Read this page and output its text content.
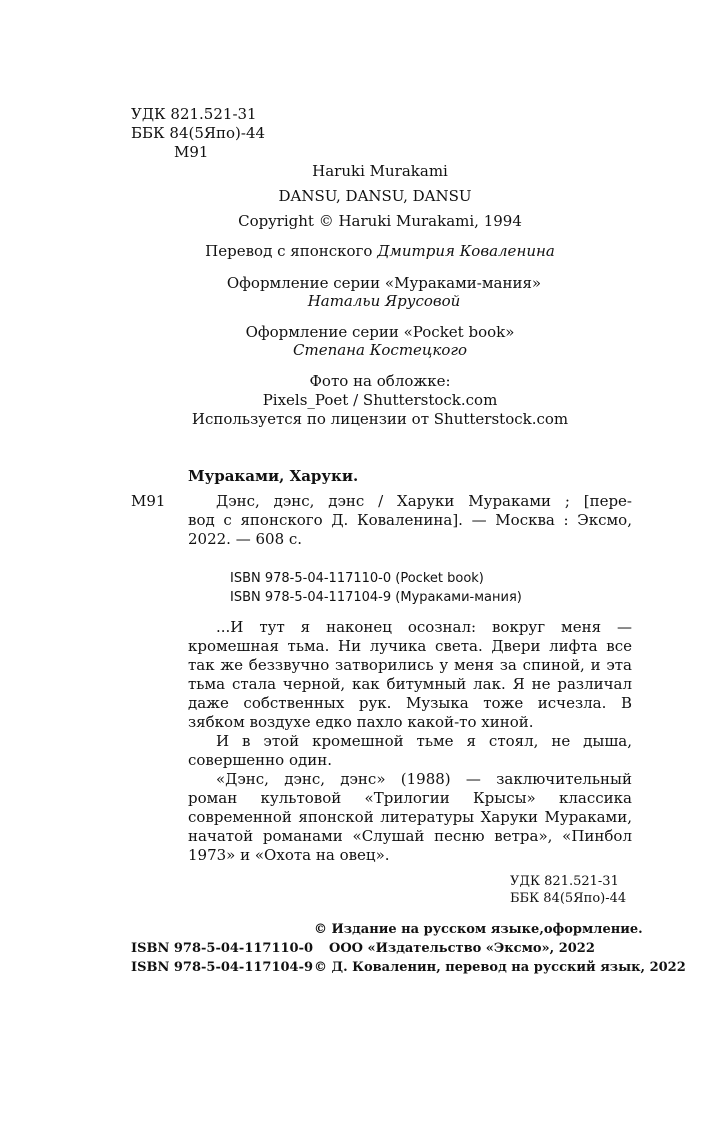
УДК 821.521-31
ББК 84(5Япо)-44
М91
Haruki Murakami
DANSU, DANSU, DANSU
Copyright © Haruki Murakami, 1994
Перевод с японского Дмитрия Коваленина
Оформление серии «Мураками-мания»
Натальи Ярусовой
Оформление серии «Pocket book»
Степана Костецкого
Фото на обложке:
Pixels_Poet / Shutterstock.com
Используется по лицензии от Shutterstock.com
Мураками, Харуки.
М91	Дэнс, дэнс, дэнс / Харуки Мураками ; [пере-
вод с японского Д. Коваленина]. — Москва : Эксмо,
2022. — 608 с.
ISBN 978-5-04-117110-0 (Pocket book)
ISBN 978-5-04-117104-9 (Мураками-мания)

...И тут я наконец осознал: вокруг меня — кромешная тьма. Ни лучика света. Двери лифта все так же беззвучно затворились у меня за спиной, и эта тьма стала черной, как битумный лак. Я не различал даже собственных рук. Музыка тоже исчезла. В зябком воздухе едко пахло какой-то хиной.

И в этой кромешной тьме я стоял, не дыша, совершенно один.

«Дэнс, дэнс, дэнс» (1988) — заключительный роман культовой «Трилогии Крысы» классика современной японской литературы Харуки Мураками, начатой романами «Слушай песню ветра», «Пинбол 1973» и «Охота на овец».

УДК 821.521-31
ББК 84(5Япо)-44
© Издание на русском языке,оформление.
ISBN 978-5-04-117110-0 ООО «Издательство «Эксмо», 2022
ISBN 978-5-04-117104-9 © Д. Коваленин, перевод на русский язык, 2022
